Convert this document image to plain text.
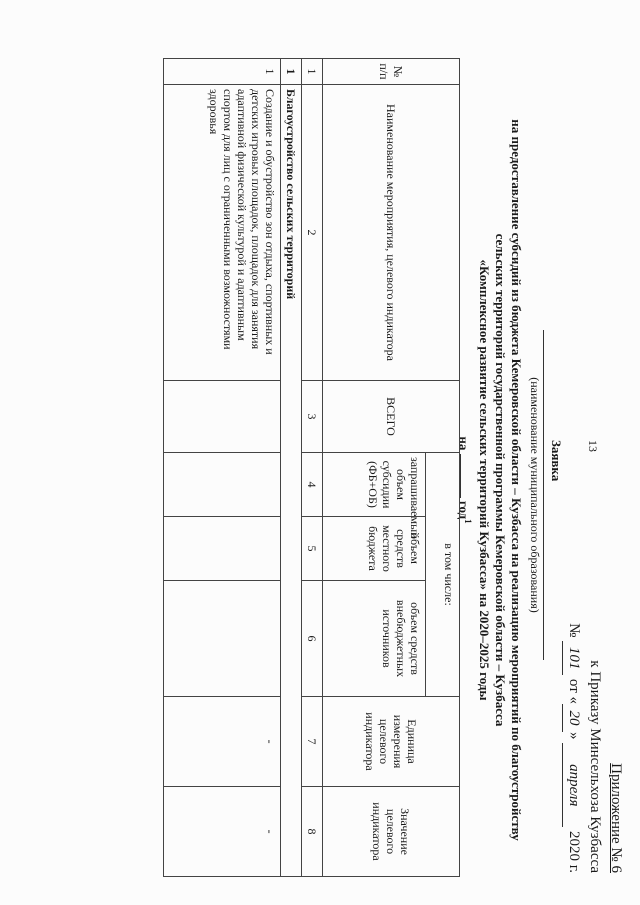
13
Приложение № 6
к Приказу Минсельхоза Кузбасса
№ 101 от «20» апреля 2020 г.
Заявка
(наименование муниципального образования)
на предоставление субсидий из бюджета Кемеровской области – Кузбасса на реализацию мероприятий по благоустройству
сельских территорий государственной программы Кемеровской области – Кузбасса
«Комплексное развитие сельских территорий Кузбасса» на 2020–2025 годы
на  год$^1$
№ п/п	Наименование мероприятия, целевого индикатора	ВСЕГО	в том числе:			Единица измерения целевого индикатора	Значение целевого индикатора
			запрашиваемый объем субсидии (ФБ+ОБ)	объем средств местного бюджета	объем средств внебюджетных источников		
1	2	3	4	5	6	7	8
1	Благоустройство сельских территорий						
1	Создание и обустройство зон отдыха, спортивных и детских игровых площадок, площадок для занятия адаптивной физической культурой и адаптивным спортом для лиц с ограниченными возможностями здоровья					-	-
